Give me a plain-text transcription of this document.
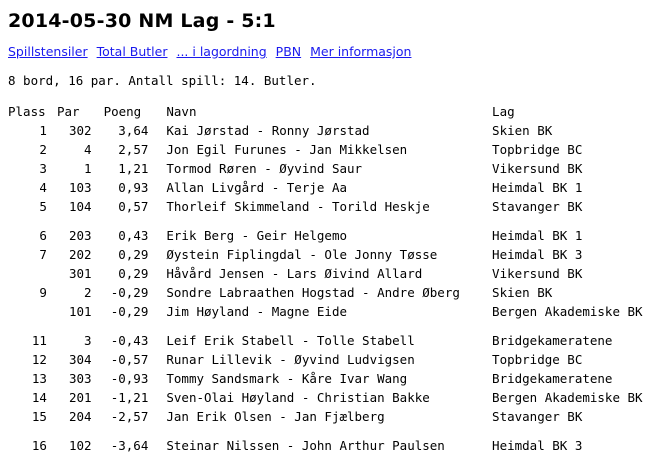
2014-05-30 NM Lag - 5:1
Spillstensiler Total Butler ... i lagordning PBN Mer informasjon
8 bord, 16 par. Antall spill: 14. Butler.
Plass	Par	Poeng	Navn	Lag
1	302	3,64	Kai Jørstad - Ronny Jørstad	Skien BK
2	4	2,57	Jon Egil Furunes - Jan Mikkelsen	Topbridge BC
3	1	1,21	Tormod Røren - Øyvind Saur	Vikersund BK
4	103	0,93	Allan Livgård - Terje Aa	Heimdal BK 1
5	104	0,57	Thorleif Skimmeland - Torild Heskje	Stavanger BK

6	203	0,43	Erik Berg - Geir Helgemo	Heimdal BK 1
7	202	0,29	Øystein Fiplingdal - Ole Jonny Tøsse	Heimdal BK 3
	301	0,29	Håvård Jensen - Lars Øivind Allard	Vikersund BK
9	2	-0,29	Sondre Labraathen Hogstad - Andre Øberg	Skien BK
	101	-0,29	Jim Høyland - Magne Eide	Bergen Akademiske BK

11	3	-0,43	Leif Erik Stabell - Tolle Stabell	Bridgekameratene
12	304	-0,57	Runar Lillevik - Øyvind Ludvigsen	Topbridge BC
13	303	-0,93	Tommy Sandsmark - Kåre Ivar Wang	Bridgekameratene
14	201	-1,21	Sven-Olai Høyland - Christian Bakke	Bergen Akademiske BK
15	204	-2,57	Jan Erik Olsen - Jan Fjælberg	Stavanger BK

16	102	-3,64	Steinar Nilssen - John Arthur Paulsen	Heimdal BK 3
